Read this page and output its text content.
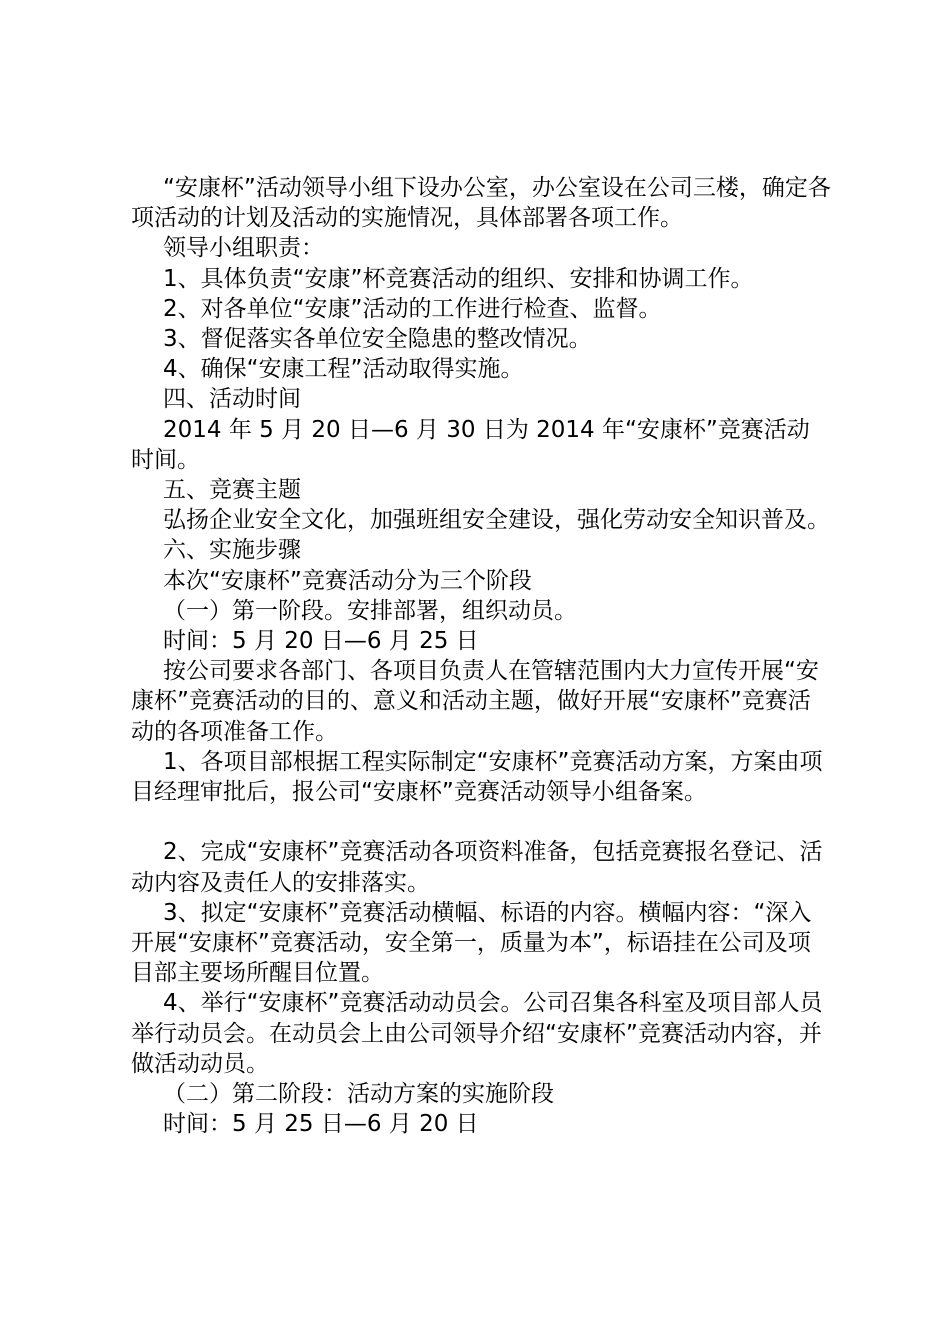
“安康杯”活动领导小组下设办公室，办公室设在公司三楼，确定各项活动的计划及活动的实施情况，具体部署各项工作。

领导小组职责：

1、具体负责“安康”杯竞赛活动的组织、安排和协调工作。

2、对各单位“安康”活动的工作进行检查、监督。

3、督促落实各单位安全隐患的整改情况。

4、确保“安康工程”活动取得实施。

四、活动时间

2014 年 5 月 20 日—6 月 30 日为 2014 年“安康杯”竞赛活动时间。

五、竞赛主题

弘扬企业安全文化，加强班组安全建设，强化劳动安全知识普及。

六、实施步骤

本次“安康杯”竞赛活动分为三个阶段

（一）第一阶段。安排部署，组织动员。

时间：5 月 20 日—6 月 25 日

按公司要求各部门、各项目负责人在管辖范围内大力宣传开展“安康杯”竞赛活动的目的、意义和活动主题，做好开展“安康杯”竞赛活动的各项准备工作。

1、各项目部根据工程实际制定“安康杯”竞赛活动方案，方案由项目经理审批后，报公司“安康杯”竞赛活动领导小组备案。

2、完成“安康杯”竞赛活动各项资料准备，包括竞赛报名登记、活动内容及责任人的安排落实。

3、拟定“安康杯”竞赛活动横幅、标语的内容。横幅内容：“深入开展“安康杯”竞赛活动，安全第一，质量为本”，标语挂在公司及项目部主要场所醒目位置。

4、举行“安康杯”竞赛活动动员会。公司召集各科室及项目部人员举行动员会。在动员会上由公司领导介绍“安康杯”竞赛活动内容，并做活动动员。

（二）第二阶段：活动方案的实施阶段

时间：5 月 25 日—6 月 20 日
